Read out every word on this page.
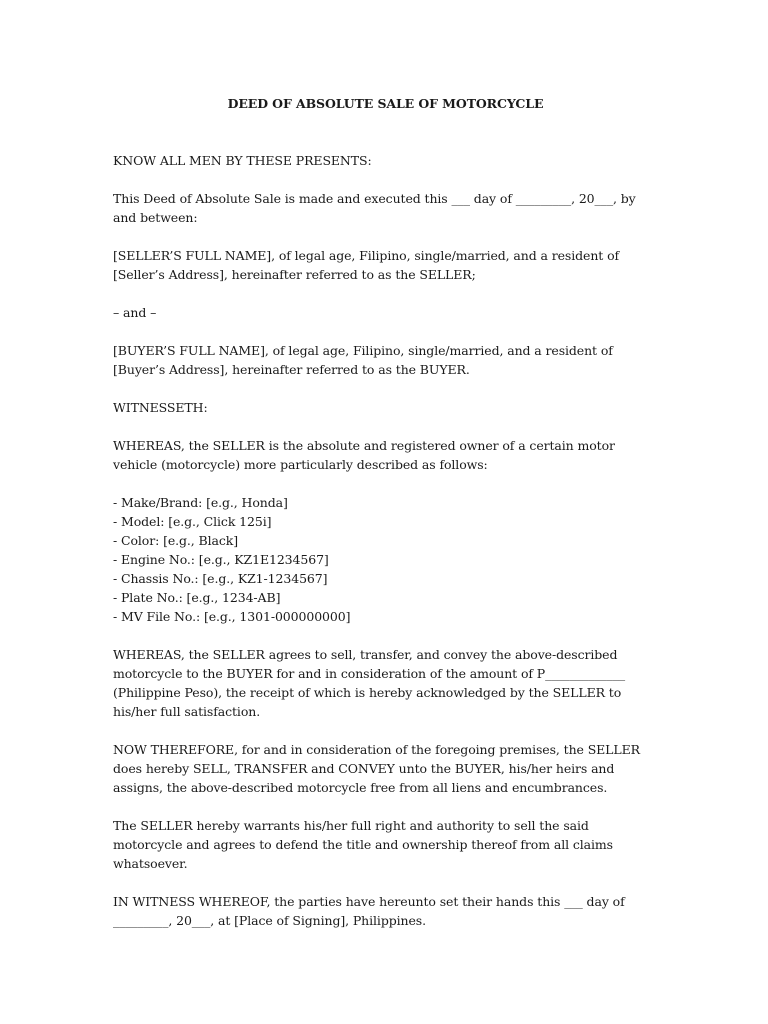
DEED OF ABSOLUTE SALE OF MOTORCYCLE
KNOW ALL MEN BY THESE PRESENTS:
This Deed of Absolute Sale is made and executed this ___ day of _________, 20___, by and between:
[SELLER’S FULL NAME], of legal age, Filipino, single/married, and a resident of [Seller’s Address], hereinafter referred to as the SELLER;
– and –
[BUYER’S FULL NAME], of legal age, Filipino, single/married, and a resident of [Buyer’s Address], hereinafter referred to as the BUYER.
WITNESSETH:
WHEREAS, the SELLER is the absolute and registered owner of a certain motor vehicle (motorcycle) more particularly described as follows:
- Make/Brand: [e.g., Honda]
- Model: [e.g., Click 125i]
- Color: [e.g., Black]
- Engine No.: [e.g., KZ1E1234567]
- Chassis No.: [e.g., KZ1-1234567]
- Plate No.: [e.g., 1234-AB]
- MV File No.: [e.g., 1301-000000000]
WHEREAS, the SELLER agrees to sell, transfer, and convey the above-described motorcycle to the BUYER for and in consideration of the amount of P_____________ (Philippine Peso), the receipt of which is hereby acknowledged by the SELLER to his/her full satisfaction.
NOW THEREFORE, for and in consideration of the foregoing premises, the SELLER does hereby SELL, TRANSFER and CONVEY unto the BUYER, his/her heirs and assigns, the above-described motorcycle free from all liens and encumbrances.
The SELLER hereby warrants his/her full right and authority to sell the said motorcycle and agrees to defend the title and ownership thereof from all claims whatsoever.
IN WITNESS WHEREOF, the parties have hereunto set their hands this ___ day of _________, 20___, at [Place of Signing], Philippines.
